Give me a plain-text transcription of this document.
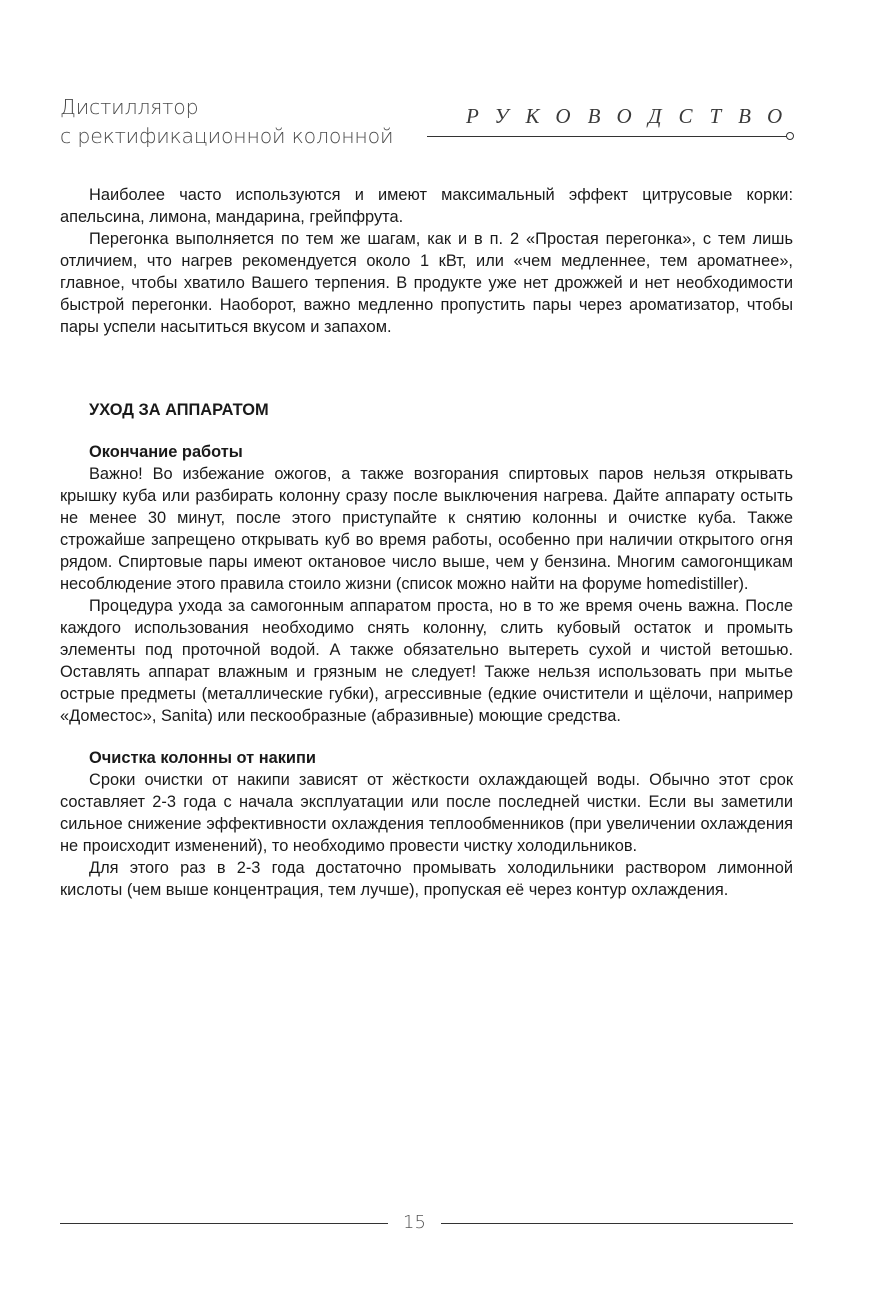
Дистиллятор
с ректификационной колонной
РУКОВОДСТВО

Наиболее часто используются и имеют максимальный эффект цитрусовые корки: апельсина, лимона, мандарина, грейпфрута.

Перегонка выполняется по тем же шагам, как и в п. 2 «Простая перегонка», с тем лишь отличием, что нагрев рекомендуется около 1 кВт, или «чем медленнее, тем ароматнее», главное, чтобы хватило Вашего терпения. В продукте уже нет дрожжей и нет необходимости быстрой перегонки. Наоборот, важно медленно пропустить пары через ароматизатор, чтобы пары успели насытиться вкусом и запахом.

УХОД ЗА АППАРАТОМ
Окончание работы

Важно! Во избежание ожогов, а также возгорания спиртовых паров нельзя открывать крышку куба или разбирать колонну сразу после выключения нагрева. Дайте аппарату остыть не менее 30 минут, после этого приступайте к снятию колонны и очистке куба. Также строжайше запрещено открывать куб во время работы, особенно при наличии открытого огня рядом. Спиртовые пары имеют октановое число выше, чем у бензина. Многим самогонщикам несоблюдение этого правила стоило жизни (список можно найти на форуме homedistiller).

Процедура ухода за самогонным аппаратом проста, но в то же время очень важна. После каждого использования необходимо снять колонну, слить кубовый остаток и промыть элементы под проточной водой. А также обязательно вытереть сухой и чистой ветошью. Оставлять аппарат влажным и грязным не следует! Также нельзя использовать при мытье острые предметы (металлические губки), агрессивные (едкие очистители и щёлочи, например «Доместос», Sanita) или пескообразные (абразивные) моющие средства.

Очистка колонны от накипи

Сроки очистки от накипи зависят от жёсткости охлаждающей воды. Обычно этот срок составляет 2-3 года с начала эксплуатации или после последней чистки. Если вы заметили сильное снижение эффективности охлаждения теплообменников (при увеличении охлаждения не происходит изменений), то необходимо провести чистку холодильников.

Для этого раз в 2-3 года достаточно промывать холодильники раствором лимонной кислоты (чем выше концентрация, тем лучше), пропуская её через контур охлаждения.

15
